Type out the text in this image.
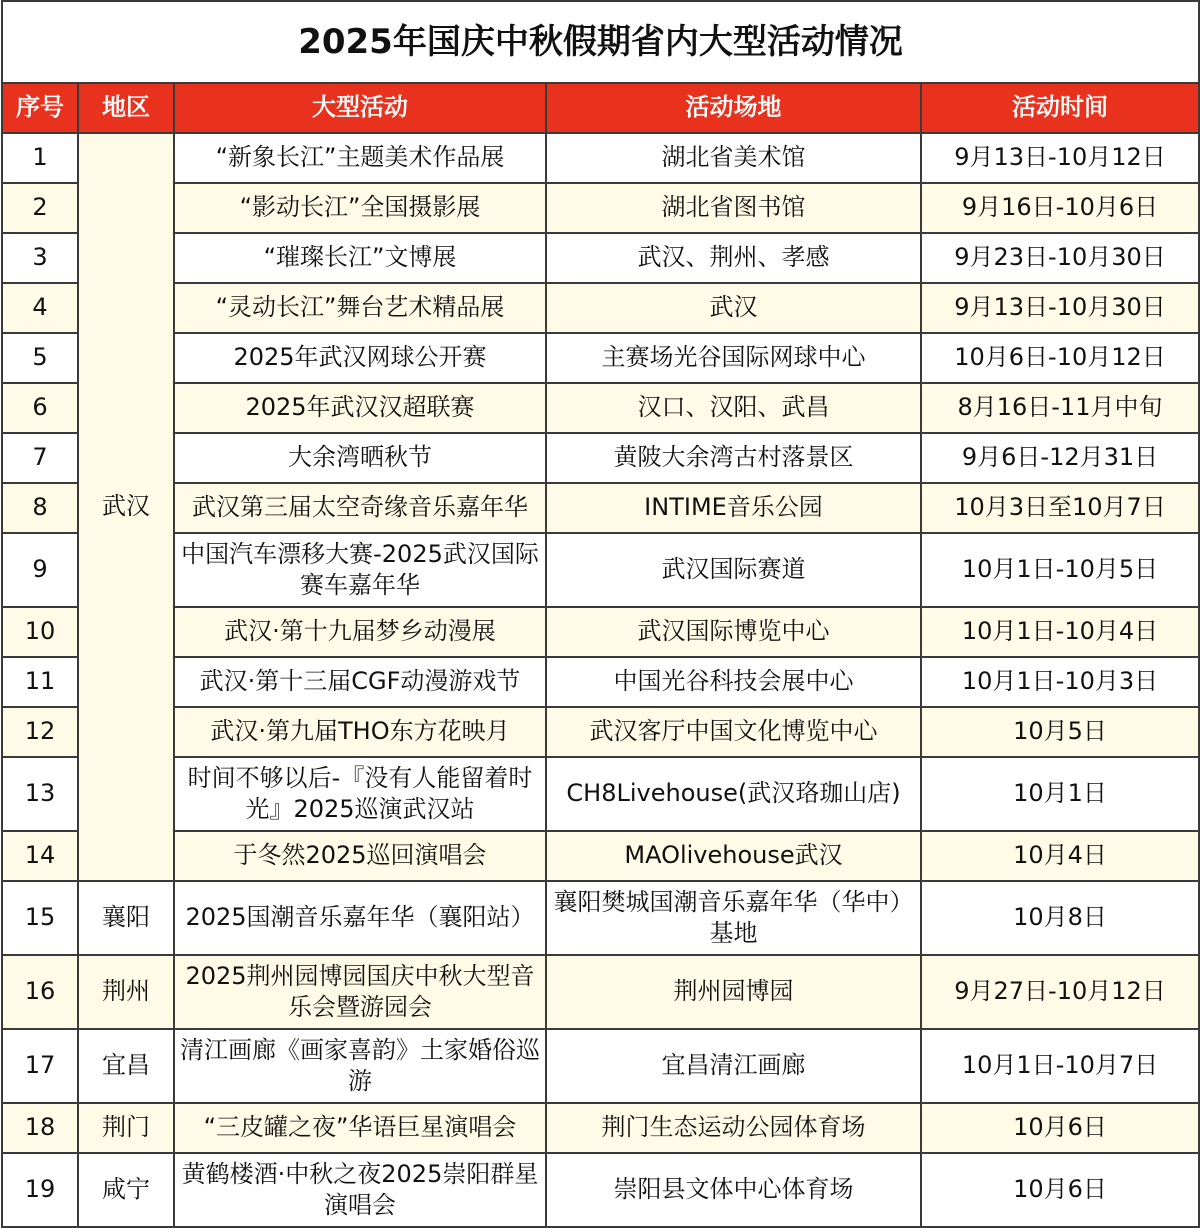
2025年国庆中秋假期省内大型活动情况				
序号	地区	大型活动	活动场地	活动时间
1	武汉	“新象长江”主题美术作品展	湖北省美术馆	9月13日-10月12日
2		“影动长江”全国摄影展	湖北省图书馆	9月16日-10月6日
3		“璀璨长江”文博展	武汉、荆州、孝感	9月23日-10月30日
4		“灵动长江”舞台艺术精品展	武汉	9月13日-10月30日
5		2025年武汉网球公开赛	主赛场光谷国际网球中心	10月6日-10月12日
6		2025年武汉汉超联赛	汉口、汉阳、武昌	8月16日-11月中旬
7		大余湾晒秋节	黄陂大余湾古村落景区	9月6日-12月31日
8		武汉第三届太空奇缘音乐嘉年华	INTIME音乐公园	10月3日至10月7日
9		中国汽车漂移大赛-2025武汉国际赛车嘉年华	武汉国际赛道	10月1日-10月5日
10		武汉·第十九届梦乡动漫展	武汉国际博览中心	10月1日-10月4日
11		武汉·第十三届CGF动漫游戏节	中国光谷科技会展中心	10月1日-10月3日
12		武汉·第九届THO东方花映月	武汉客厅中国文化博览中心	10月5日
13		时间不够以后-『没有人能留着时光』2025巡演武汉站	CH8Livehouse(武汉珞珈山店)	10月1日
14		于冬然2025巡回演唱会	MAOlivehouse武汉	10月4日
15	襄阳	2025国潮音乐嘉年华（襄阳站）	襄阳樊城国潮音乐嘉年华（华中）基地	10月8日
16	荆州	2025荆州园博园国庆中秋大型音乐会暨游园会	荆州园博园	9月27日-10月12日
17	宜昌	清江画廊《画家喜韵》土家婚俗巡游	宜昌清江画廊	10月1日-10月7日
18	荆门	“三皮罐之夜”华语巨星演唱会	荆门生态运动公园体育场	10月6日
19	咸宁	黄鹤楼酒·中秋之夜2025崇阳群星演唱会	崇阳县文体中心体育场	10月6日
